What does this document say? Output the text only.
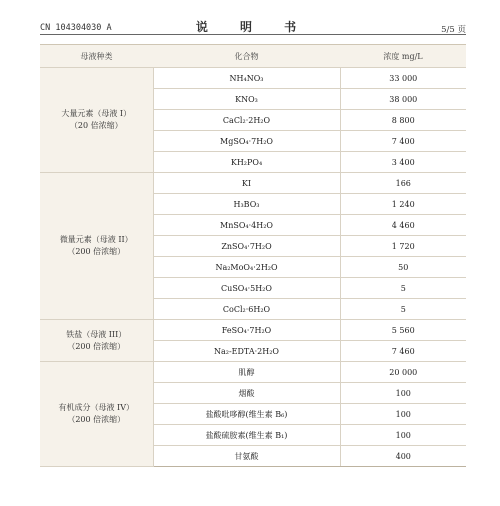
CN 104304030 A	说 明 书	5/5 页
母液种类	化合物	浓度 mg/L

大量元素（母液 I）
（20 倍浓缩）	NH₄NO₃	33 000
	KNO₃	38 000
	CaCl₂·2H₂O	8 800
	MgSO₄·7H₂O	7 400
	KH₂PO₄	3 400

微量元素（母液 II）
（200 倍浓缩）	KI	166
	H₃BO₃	1 240
	MnSO₄·4H₂O	4 460
	ZnSO₄·7H₂O	1 720
	Na₂MoO₄·2H₂O	50
	CuSO₄·5H₂O	5
	CoCl₂·6H₂O	5

铁盐（母液 III）
（200 倍浓缩）	FeSO₄·7H₂O	5 560
	Na₂-EDTA·2H₂O	7 460

有机成分（母液 IV）
（200 倍浓缩）	肌醇	20 000
	烟酸	100
	盐酸吡哆醇(维生素 B₆)	100
	盐酸硫胺素(维生素 B₁)	100
	甘氨酸	400
